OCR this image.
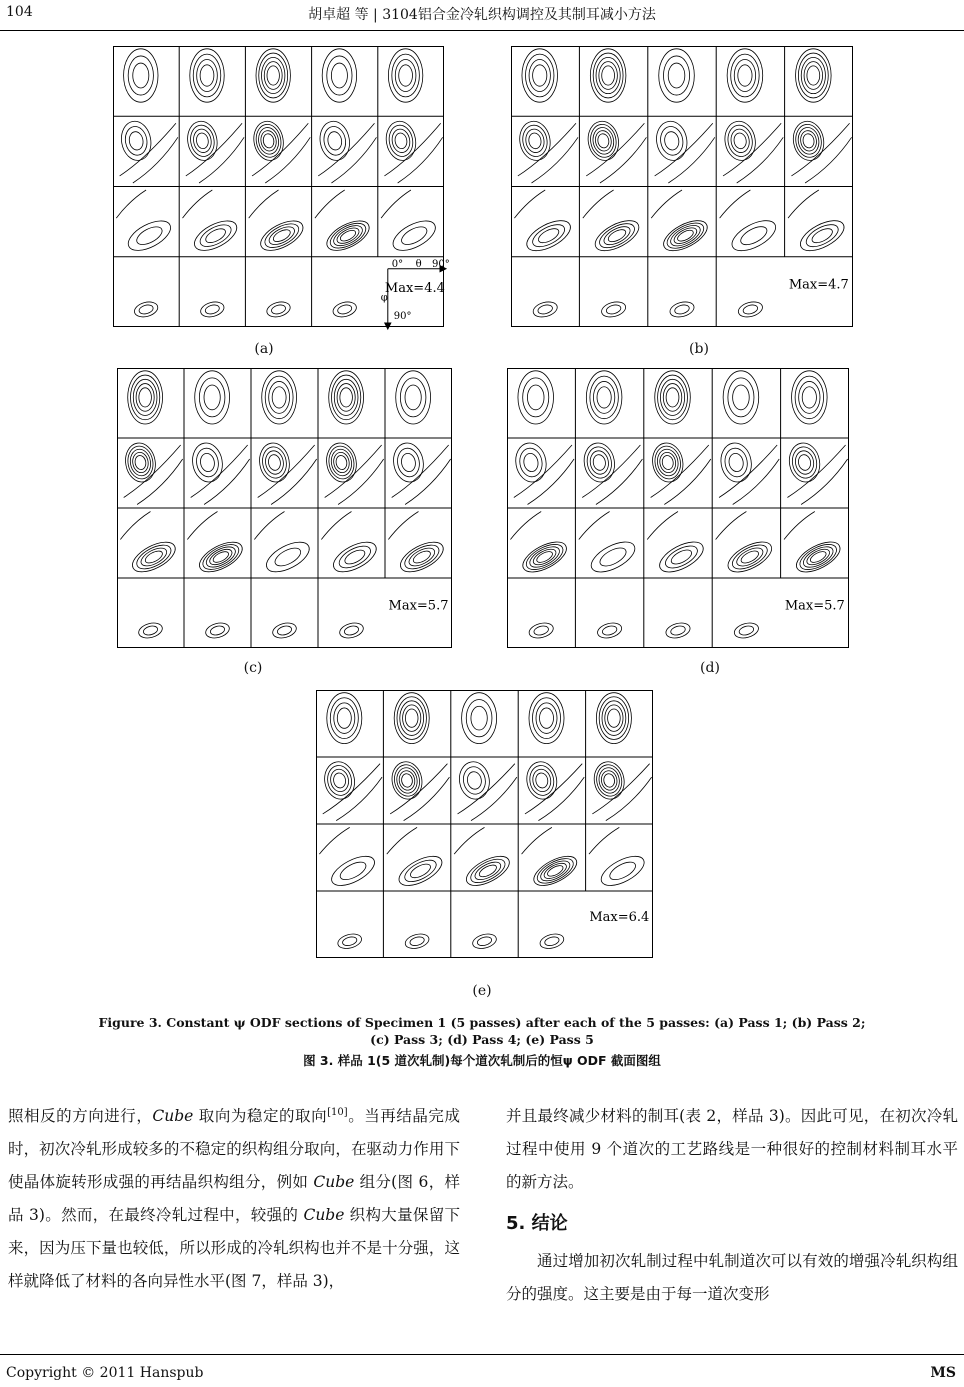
104	胡卓超 等 | 3104铝合金冷轧织构调控及其制耳减小方法
Max=4.4
0° θ 90°
φ
90°
(a)
Max=4.7
(b)
Max=5.7
(c)
Max=5.7
(d)
Max=6.4
(e)
Figure 3. Constant ψ ODF sections of Specimen 1 (5 passes) after each of the 5 passes: (a) Pass 1; (b) Pass 2;
(c) Pass 3; (d) Pass 4; (e) Pass 5
图 3. 样品 1(5 道次轧制)每个道次轧制后的恒ψ ODF 截面图组

照相反的方向进行，Cube 取向为稳定的取向[10]。当再结晶完成时，初次冷轧形成较多的不稳定的织构组分取向，在驱动力作用下使晶体旋转形成强的再结晶织构组分，例如 Cube 组分(图 6，样品 3)。然而，在最终冷轧过程中，较强的 Cube 织构大量保留下来，因为压下量也较低，所以形成的冷轧织构也并不是十分强，这样就降低了材料的各向异性水平(图 7，样品 3)，

并且最终减少材料的制耳(表 2，样品 3)。因此可见，在初次冷轧过程中使用 9 个道次的工艺路线是一种很好的控制材料制耳水平的新方法。

5. 结论

通过增加初次轧制过程中轧制道次可以有效的增强冷轧织构组分的强度。这主要是由于每一道次变形

Copyright © 2011 Hanspub	MS
